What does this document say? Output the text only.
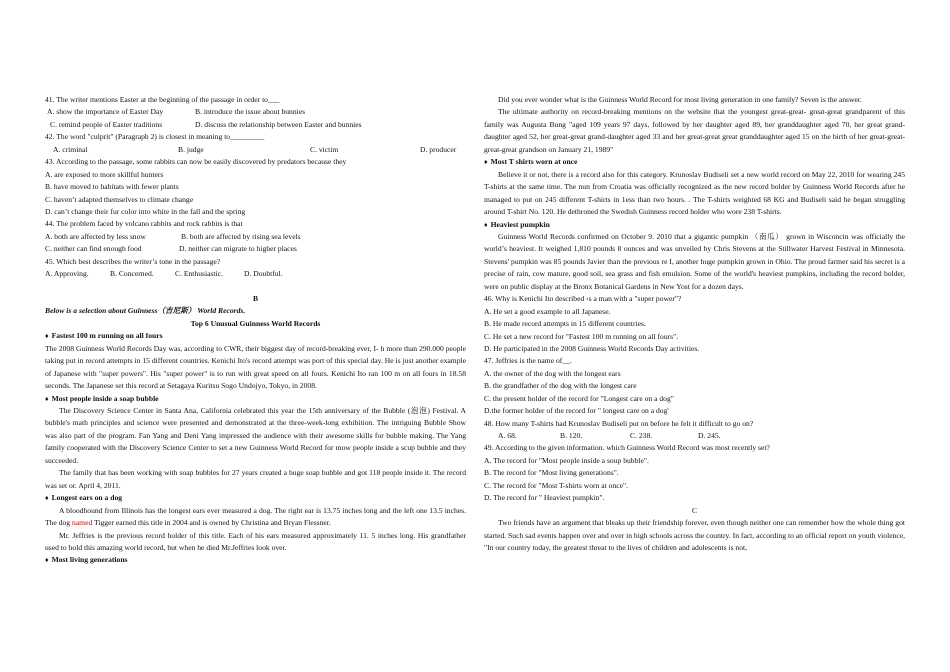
41. The writer mentions Easter at the beginning of the passage in order to___
A. show the importance of Easter Day	B. introduce the issue about bunnies
C. remind people of Easter traditions	D. discuss the relationship between Easter and bunnies
42. The word "culprit" (Paragraph 2) is closest in meaning to_________
A. criminal	B. judge	C. victim	D. producer
43. According to the passage, some rabbits can now be easily discovered by predators because they
A. are exposed to more skillful hunters
B. have moved to habitats with fewer plants
C. haven’t adapted themselves to climate change
D. can’t change their fur color into white in the fall and the spring
44. The problem faced by volcano rabbits and rock rabbits is that
A. both are affected by less snow	B. both are affected by rising sea levels
C. neither can find enough food	D. neither can migrate to higher places
45. Which best describes the writer’s tone in the passage?
A. Approving.	B. Concerned.	C. Enthusiastic.	D. Doubtful.
B
Below is a selection about Guinness（吉尼斯） World Records.
Top 6 Unusual Guinness World Records
♦ Fastest 100 m running on all fours
The 2008 Guinness World Records Day was, according to CWR, their biggest day of record-breaking ever, I- h more than 290.000 people taking put in record attempts in 15 different countries. Kenichi Ito's record attempt was port of this special day. He is just another example of Japanese with "super powers". His "super power" is to run with great speed on all fours. Kenichi Ito ran 100 m on all fours in 18.58 seconds. The Japanese set this record at Setagaya Kuritsu Sogo Undojyo, Tokyo, in 2008.
♦ Most people inside a soap bubble
The Discovery Science Center in Santa Ana, California celebrated this year the 15th anniversary of the Bubble (泡泡) Festival. A bubble's math principles and science were presented and demonstrated at the three-week-long exhibition. The intriguing Bubble Show was also part of the program. Fan Yang and Deni Yang impressed the audience with their awesome skills for bubble making. The Yang family cooperated with the Discovery Science Center to set a new Guinness World Record for mow people inside a scup bubble and they succeeded.
The family that has been working with soap bubbles for 27 years created a huge soap bubble and got 118 people inside it. The record was set or. April 4, 2011.
♦ Longest ears on a dog
A bloodhound from Illinois has the longest ears ever measured a dog. The right ear is 13.75 inches long and the left one 13.5 inches. The dog named Tigger earned this title in 2004 and is owned by Christina and Bryan Flessner.
Mr. Jeffries is the previous record holder of this title. Each of his ears measured approximately 11. 5 inches long. His grandfather used to hold this amazing world record, but when he died Mr.Jeffries look over.
♦ Most living generations
Did you ever wonder what is the Guinness World Record for most living generation in one family? Seven is the answer.
The ultimate authority on record-breaking mentions on the website that the youngest great-great- great-great grandparent of this family was Augusta Bung "aged 109 years 97 days, followed by her daughter aged 89, her granddaughter aged 70, her great grand-daughter aged 52, her great-great grand-daughter aged 33 and her great-great great granddaughter aged 15 on the birth of her great-great-great-great grandson on January 21, 1989"
♦ Most T shirts worn at once
Believe it or not, there is a record also for this category. Krunoslav Budiseli set a new world record on May 22, 2010 for wearing 245 T-shirts at the same time. The nun from Croatia was officially recognized as the new record bolder by Guinness World Records after he managed to put on 245 different T-shirts in 1ess than two hours. . The T-shirts weighted 68 KG and Budiseli said he began struggling around T-shirt No. 120. He dethroned the Swedish Guinness record holder who wore 238 T-shirts.
♦ Heaviest pumpkin
Guinness World Records confirmed on October 9. 2010 that a gigantic pumpkin （南瓜） grown in Wisconcin was officially the world’s heaviest. It weighed 1,810 pounds 8 ounces and was unveiled by Chris Stevens at the Stillwater Harvest Festival in Minnesota. Stevens' pumpkin was 85 pounds Javier than the previous re I, another huge pumpkin grown in Ohio. The proud farmer said his secret is a precise of rain, cow mature, good soil, sea grass and fish emulsion. Some of the world's heaviest pumpkins, including the record bolder, were on public display at the Bronx Botanical Gardens in New Yost for a dozen days.
46. Why is Kenichi Ito described ‹s a man with a "super power"?
A. He set a good example to all Japanese.
B. He made record attempts in 15 different countries.
C. He set a new record for "Fastest 100 m running on all fours".
D. He participated in the 2008 Guinness World Records Day activities.
47. Jeffries is the name of__.
A. the owner of the dog with the longest ears
B. the grandfather of the dog with the longest care
C. the present holder of the record for "Longest care on a dog"
D.the former holder of the record for " longest care on a dog'
48. How many T-shirts had Krunoslav Budiseli put on before he felt it difficult to go on?
A. 68.	B. 120.	C. 238.	D. 245.
49. According to the given information. which Guinness World Record was most recently set?
A. The record for "Most people inside a soup bubble".
B. The record for "Most living generations".
C. The record for "Most T-shirts worn at once".
D. The record for " Heaviest pumpkin".
C
Two friends have an argument that bleaks up their friendship forever, even though neither one can remember how the whole thing got started. Such sad events happen over and over in high schools across the country. In fact, according to an official report on youth violence, "In our country today, the greatest threat to the lives of children and adolescents is not,
